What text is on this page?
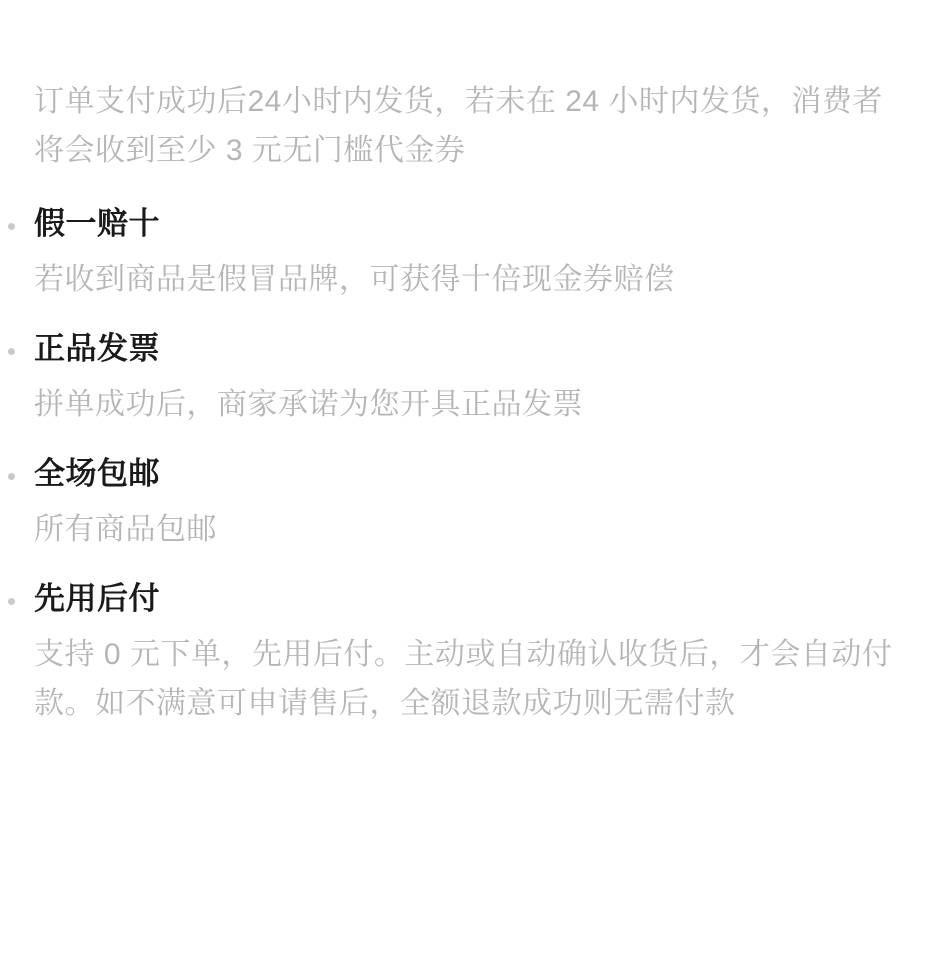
订单支付成功后24小时内发货，若未在 24 小时内发货，消费者将会收到至少 3 元无门槛代金券

假一赔十

若收到商品是假冒品牌，可获得十倍现金券赔偿

正品发票

拼单成功后，商家承诺为您开具正品发票

全场包邮

所有商品包邮

先用后付

支持 0 元下单，先用后付。主动或自动确认收货后，才会自动付款。如不满意可申请售后，全额退款成功则无需付款
